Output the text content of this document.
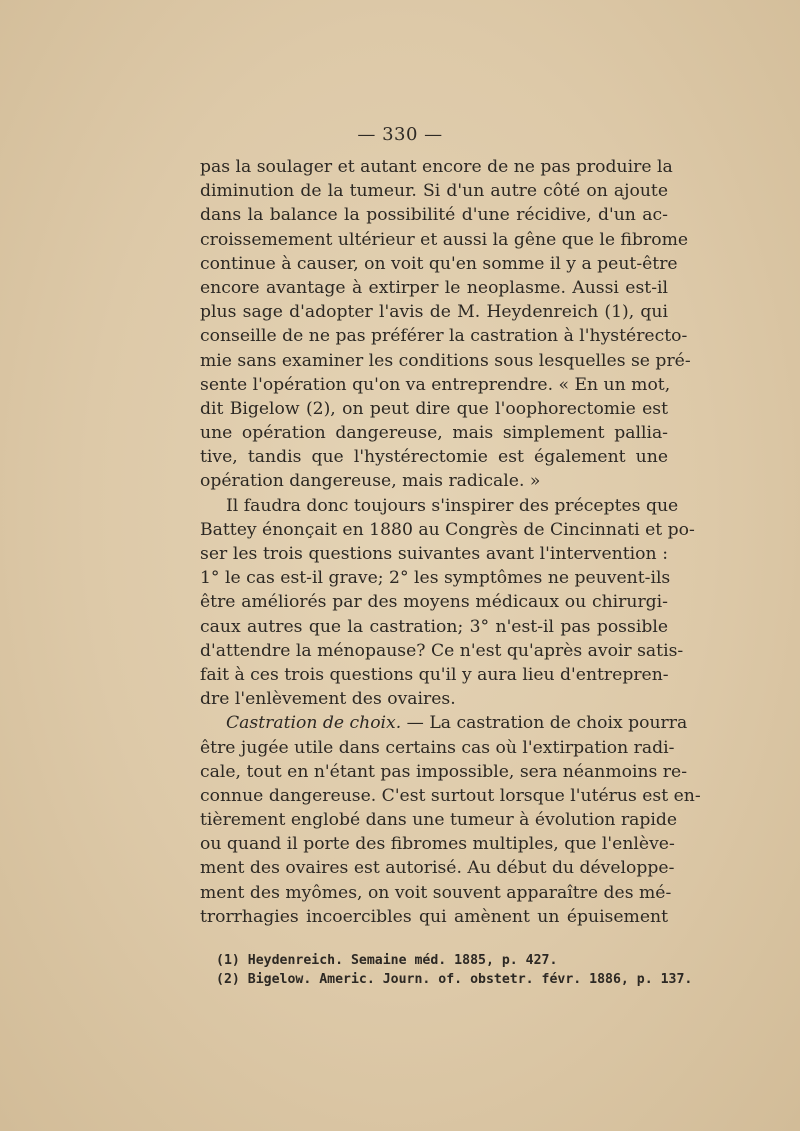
— 330 —
pas la soulager et autant encore de ne pas produire la
diminution de la tumeur. Si d'un autre côté on ajoute
dans la balance la possibilité d'une récidive, d'un ac-
croissemement ultérieur et aussi la gêne que le fibrome
continue à causer, on voit qu'en somme il y a peut-être
encore avantage à extirper le neoplasme. Aussi est-il
plus sage d'adopter l'avis de M. Heydenreich (1), qui
conseille de ne pas préférer la castration à l'hystérecto-
mie sans examiner les conditions sous lesquelles se pré-
sente l'opération qu'on va entreprendre. « En un mot,
dit Bigelow (2), on peut dire que l'oophorectomie est
une opération dangereuse, mais simplement pallia-
tive, tandis que l'hystérectomie est également une
opération dangereuse, mais radicale. »
Il faudra donc toujours s'inspirer des préceptes que
Battey énonçait en 1880 au Congrès de Cincinnati et po-
ser les trois questions suivantes avant l'intervention :
1° le cas est-il grave; 2° les symptômes ne peuvent-ils
être améliorés par des moyens médicaux ou chirurgi-
caux autres que la castration; 3° n'est-il pas possible
d'attendre la ménopause? Ce n'est qu'après avoir satis-
fait à ces trois questions qu'il y aura lieu d'entrepren-
dre l'enlèvement des ovaires.
Castration de choix. — La castration de choix pourra
être jugée utile dans certains cas où l'extirpation radi-
cale, tout en n'étant pas impossible, sera néanmoins re-
connue dangereuse. C'est surtout lorsque l'utérus est en-
tièrement englobé dans une tumeur à évolution rapide
ou quand il porte des fibromes multiples, que l'enlève-
ment des ovaires est autorisé. Au début du développe-
ment des myômes, on voit souvent apparaître des mé-
trorrhagies incoercibles qui amènent un épuisement
(1) Heydenreich. Semaine méd. 1885, p. 427.
(2) Bigelow. Americ. Journ. of. obstetr. févr. 1886, p. 137.
